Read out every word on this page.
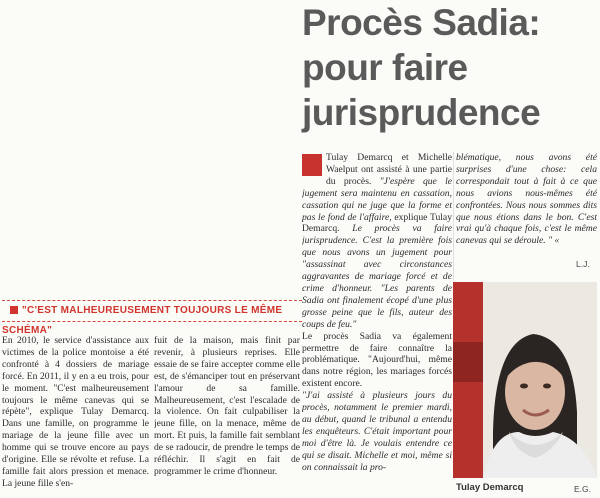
Procès Sadia:
pour faire
jurisprudence

Tulay Demarcq et Michelle Waelput ont assisté à une partie du procès. "J'espère que le jugement sera maintenu en cassation, cassation qui ne juge que la forme et pas le fond de l'affaire, explique Tulay Demarcq. Le procès va faire jurisprudence. C'est la première fois que nous avons un jugement pour "assassinat avec circonstances aggravantes de mariage forcé et de crime d'honneur. "Les parents de Sadia ont finalement écopé d'une plus grosse peine que le fils, auteur des coups de feu."

Le procès Sadia va également permettre de faire connaître la problématique. "Aujourd'hui, même dans notre région, les mariages forcés existent encore.

"J'ai assisté à plusieurs jours du procès, notamment le premier mardi, au début, quand le tribunal a entendu les enquêteurs. C'était important pour moi d'être là. Je voulais entendre ce qui se disait. Michelle et moi, même si on connaissait la pro-

blématique, nous avons été surprises d'une chose: cela correspondait tout à fait à ce que nous avions nous-mêmes été confrontées. Nous nous sommes dits que nous étions dans le bon. C'est vrai qu'à chaque fois, c'est le même canevas qui se déroule. " «

L.J.
Tulay Demarcq	E.G.
"C'EST MALHEUREUSEMENT TOUJOURS LE MÊME SCHÉMA"

En 2010, le service d'assistance aux victimes de la police montoise a été confronté à 4 dossiers de mariage forcé. En 2011, il y en a eu trois, pour le moment. "C'est malheureusement toujours le même canevas qui se répète", explique Tulay Demarcq. Dans une famille, on programme le mariage de la jeune fille avec un homme qui se trouve encore au pays d'origine. Elle se révolte et refuse. La famille fait alors pression et menace. La jeune fille s'en-

fuit de la maison, mais finit par revenir, à plusieurs reprises. Elle essaie de se faire accepter comme elle est, de s'émanciper tout en préservant l'amour de sa famille. Malheureusement, c'est l'escalade de la violence. On fait culpabiliser la jeune fille, on la menace, même de mort. Et puis, la famille fait semblant de se radoucir, de prendre le temps de réfléchir. Il s'agit en fait de programmer le crime d'honneur.
